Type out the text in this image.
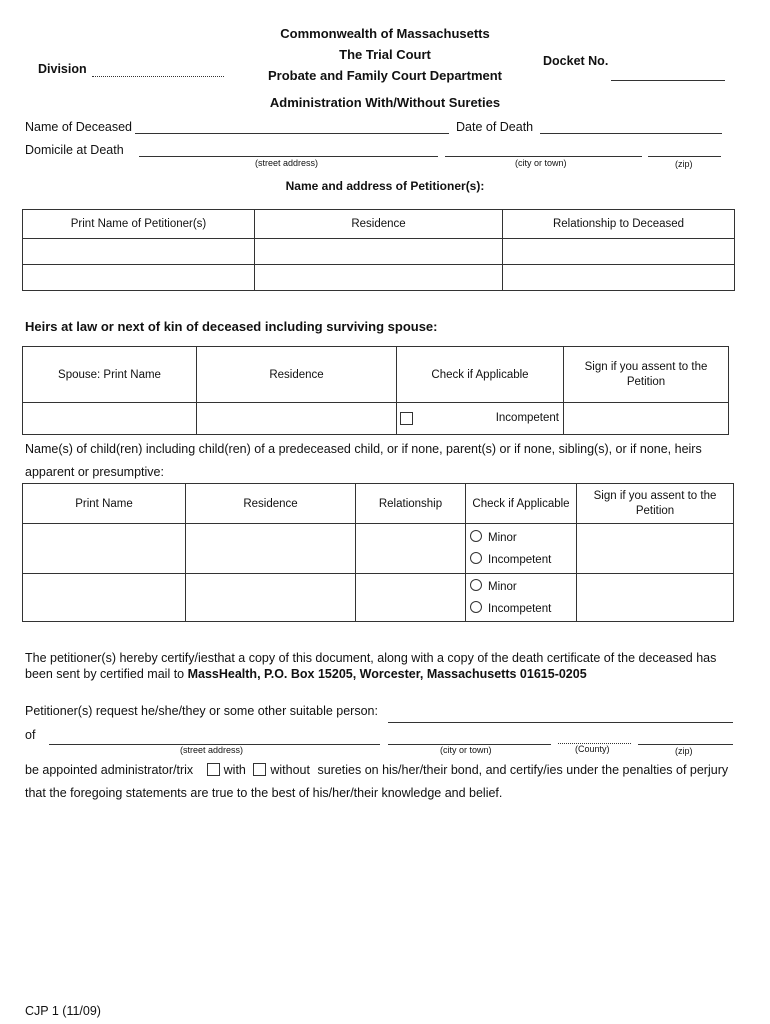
Commonwealth of Massachusetts
The Trial Court
Probate and Family Court Department
Administration With/Without Sureties
Division
Docket No.
Name of Deceased	Date of Death
Domicile at Death
(street address)	(city or town)	(zip)
Name and address of Petitioner(s):
Print Name of Petitioner(s)	Residence	Relationship to Deceased

Heirs at law or next of kin of deceased including surviving spouse:
Spouse: Print Name	Residence	Check if Applicable	Sign if you assent to the Petition

		Incompetent	

Name(s) of child(ren) including child(ren) of a predeceased child, or if none, parent(s) or if none, sibling(s), or if none, heirs apparent or presumptive:
Print Name	Residence	Relationship	Check if Applicable	Sign if you assent to the Petition

			Minor
Incompetent	

			Minor
Incompetent	

The petitioner(s) hereby certify/iesthat a copy of this document, along with a copy of the death certificate of the deceased has been sent by certified mail to MassHealth, P.O. Box 15205, Worcester, Massachusetts 01615-0205
Petitioner(s) request he/she/they or some other suitable person:
of
(street address)	(city or town)	(County)	(zip)
be appointed administrator/trix with without sureties on his/her/their bond, and certify/ies under the penalties of perjury
that the foregoing statements are true to the best of his/her/their knowledge and belief.
CJP 1 (11/09)
